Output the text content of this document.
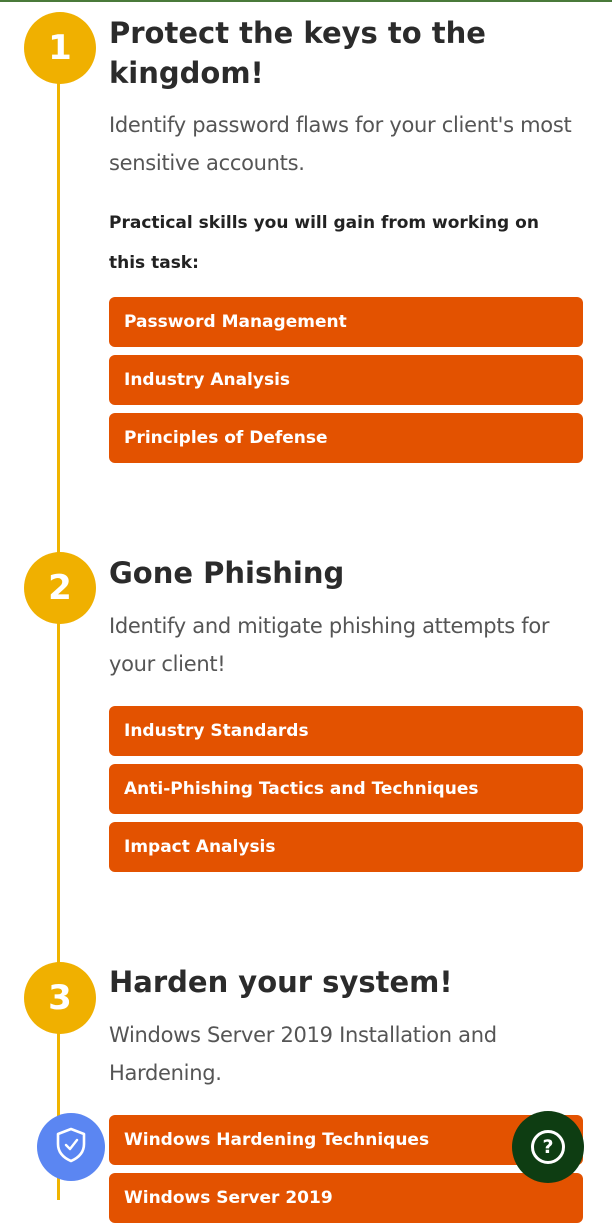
1	Protect the keys to the kingdom!

Identify password flaws for your client's most sensitive accounts.

Practical skills you will gain from working on this task:

Password Management
Industry Analysis
Principles of Defense
2	Gone Phishing

Identify and mitigate phishing attempts for your client!

Industry Standards
Anti-Phishing Tactics and Techniques
Impact Analysis
3	Harden your system!

Windows Server 2019 Installation and Hardening.

Windows Hardening Techniques
Windows Server 2019
?
